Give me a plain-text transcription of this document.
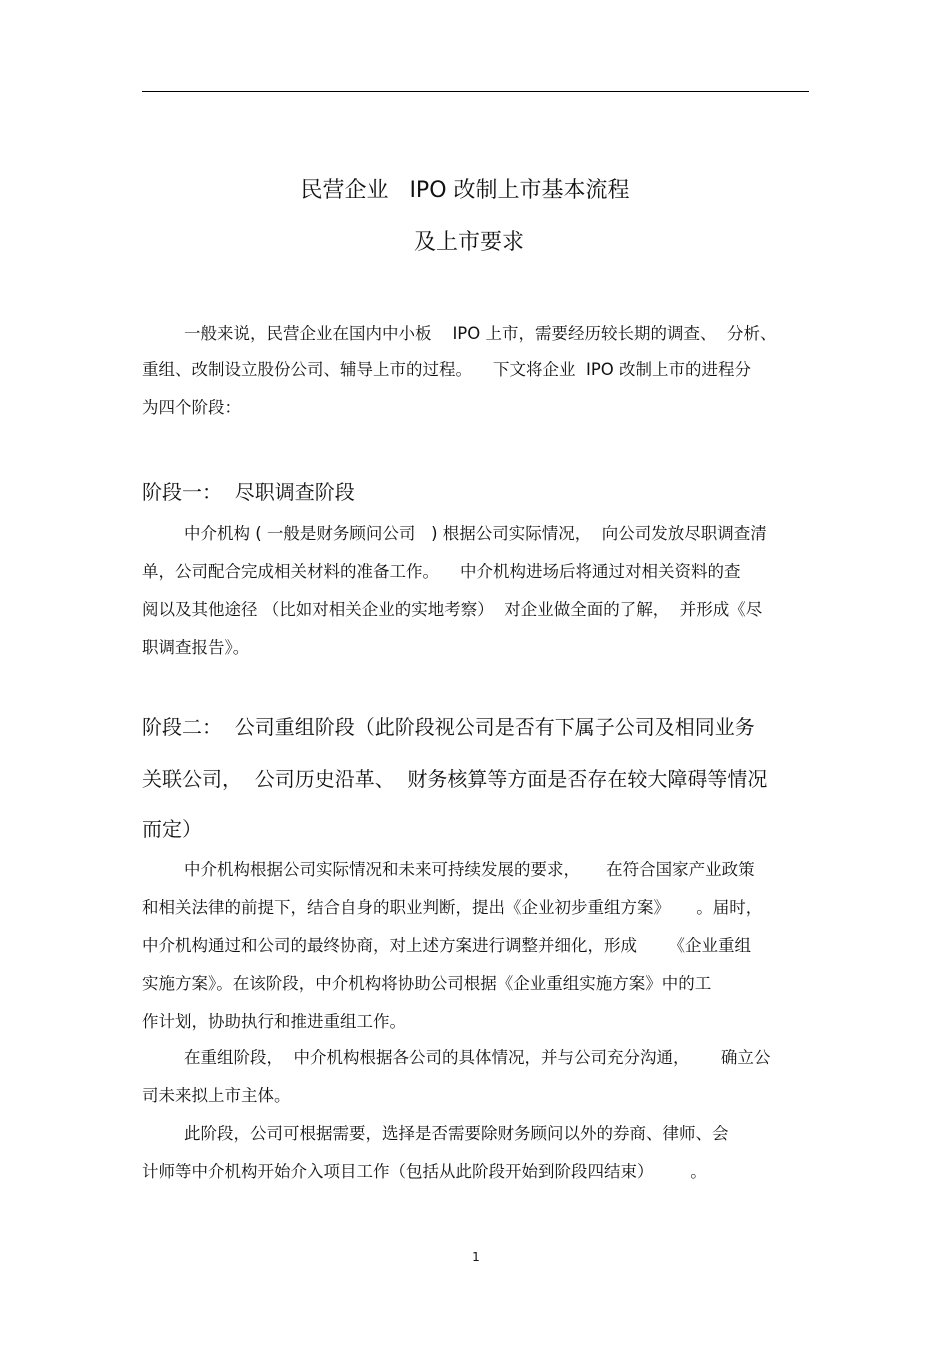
民营企业   IPO 改制上市基本流程
及上市要求
一般来说，民营企业在国内中小板    IPO 上市，需要经历较长期的调查、  分析、
重组、改制设立股份公司、辅导上市的过程。    下文将企业  IPO 改制上市的进程分
为四个阶段：
阶段一：  尽职调查阶段
中介机构 ( 一般是财务顾问公司   ) 根据公司实际情况，  向公司发放尽职调查清
单，公司配合完成相关材料的准备工作。    中介机构进场后将通过对相关资料的查
阅以及其他途径 （比如对相关企业的实地考察）  对企业做全面的了解，  并形成《尽
职调查报告》。
阶段二：  公司重组阶段（此阶段视公司是否有下属子公司及相同业务
关联公司，  公司历史沿革、  财务核算等方面是否存在较大障碍等情况
而定）
中介机构根据公司实际情况和未来可持续发展的要求，     在符合国家产业政策
和相关法律的前提下，结合自身的职业判断，提出《企业初步重组方案》     。届时，
中介机构通过和公司的最终协商，对上述方案进行调整并细化，形成      《企业重组
实施方案》。在该阶段，中介机构将协助公司根据《企业重组实施方案》中的工
作计划，协助执行和推进重组工作。
在重组阶段，  中介机构根据各公司的具体情况，并与公司充分沟通，      确立公
司未来拟上市主体。
此阶段，公司可根据需要，选择是否需要除财务顾问以外的券商、律师、会
计师等中介机构开始介入项目工作（包括从此阶段开始到阶段四结束）       。
1
